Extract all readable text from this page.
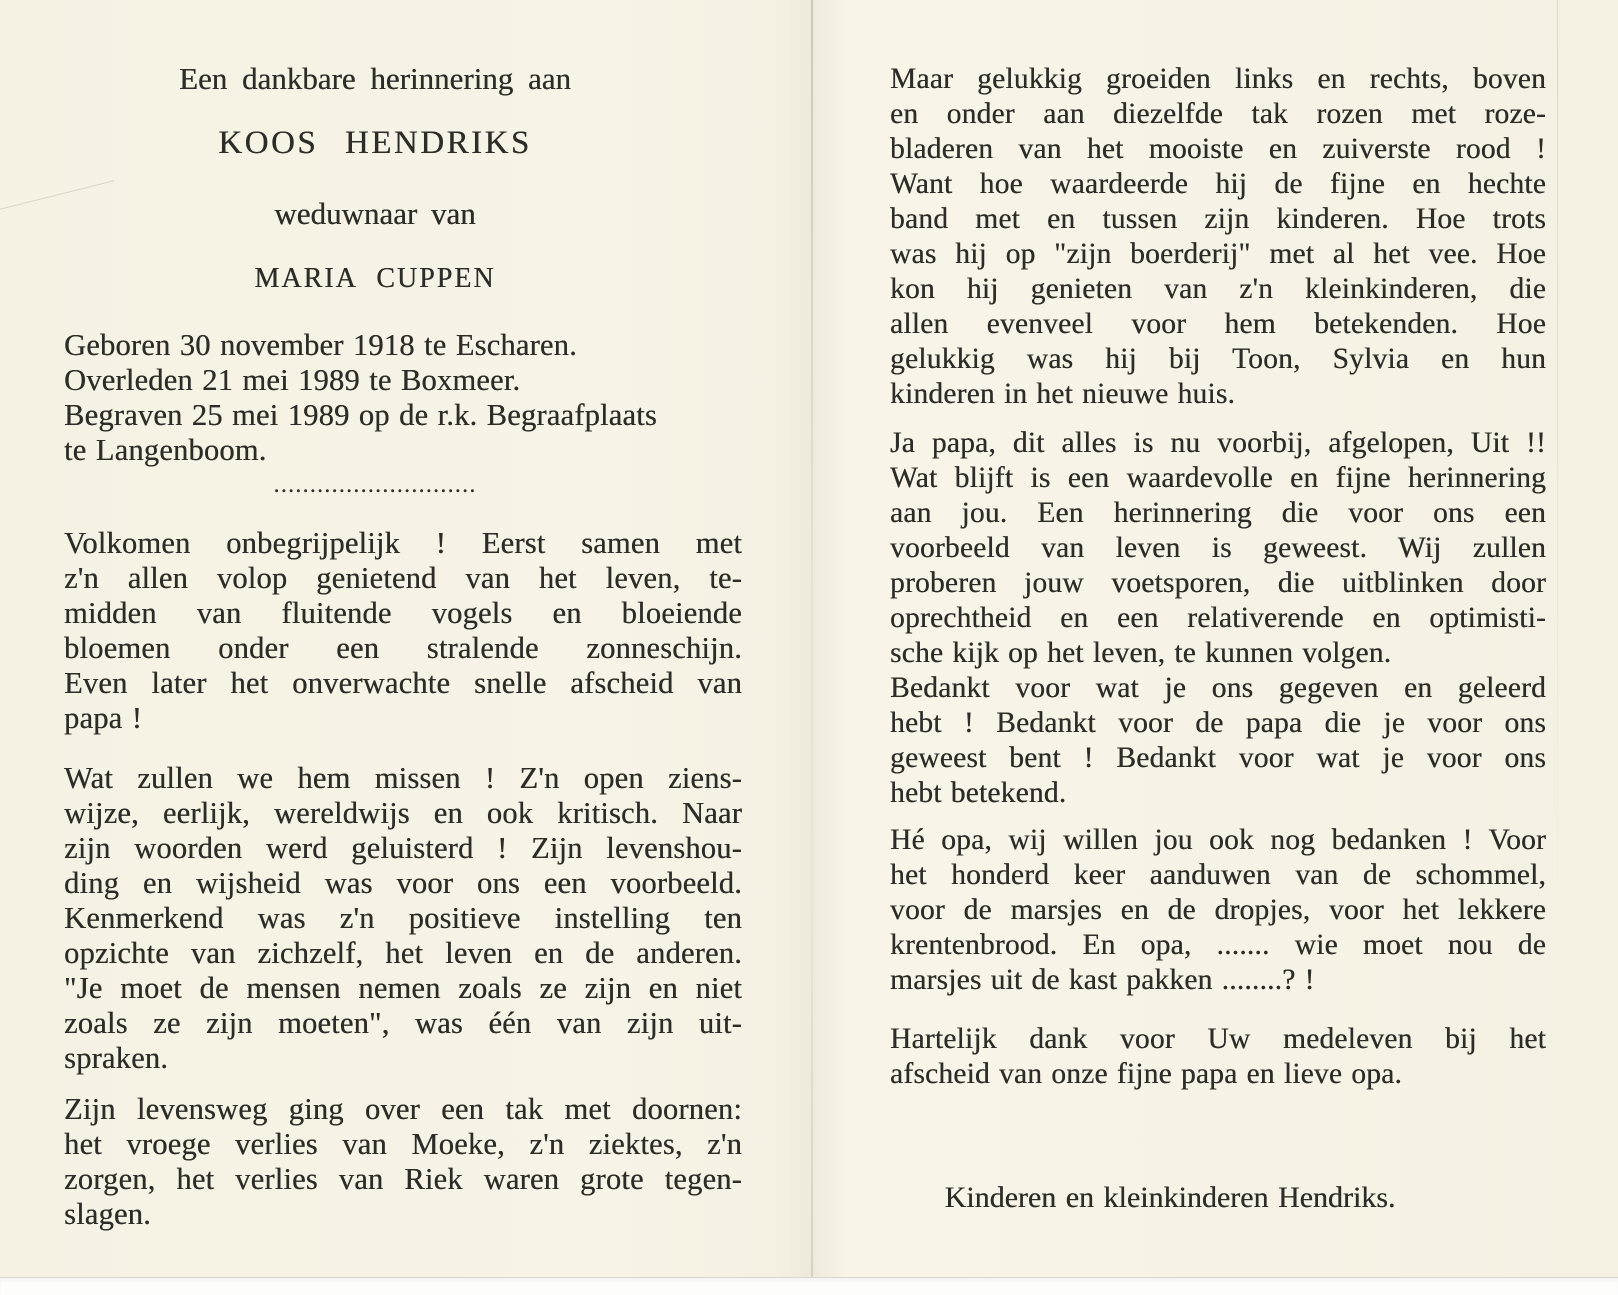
Een dankbare herinnering aan
KOOS HENDRIKS
weduwnaar van
MARIA CUPPEN
Geboren 30 november 1918 te Escharen.
Overleden 21 mei 1989 te Boxmeer.
Begraven 25 mei 1989 op de r.k. Begraafplaats
te Langenboom.
............................
Volkomen onbegrijpelijk ! Eerst samen met
z'n allen volop genietend van het leven, te-
midden van fluitende vogels en bloeiende
bloemen onder een stralende zonneschijn.
Even later het onverwachte snelle afscheid van
papa !
Wat zullen we hem missen ! Z'n open ziens-
wijze, eerlijk, wereldwijs en ook kritisch. Naar
zijn woorden werd geluisterd ! Zijn levenshou-
ding en wijsheid was voor ons een voorbeeld.
Kenmerkend was z'n positieve instelling ten
opzichte van zichzelf, het leven en de anderen.
"Je moet de mensen nemen zoals ze zijn en niet
zoals ze zijn moeten", was één van zijn uit-
spraken.
Zijn levensweg ging over een tak met doornen:
het vroege verlies van Moeke, z'n ziektes, z'n
zorgen, het verlies van Riek waren grote tegen-
slagen.
Maar gelukkig groeiden links en rechts, boven
en onder aan diezelfde tak rozen met roze-
bladeren van het mooiste en zuiverste rood !
Want hoe waardeerde hij de fijne en hechte
band met en tussen zijn kinderen. Hoe trots
was hij op "zijn boerderij" met al het vee. Hoe
kon hij genieten van z'n kleinkinderen, die
allen evenveel voor hem betekenden. Hoe
gelukkig was hij bij Toon, Sylvia en hun
kinderen in het nieuwe huis.
Ja papa, dit alles is nu voorbij, afgelopen, Uit !!
Wat blijft is een waardevolle en fijne herinnering
aan jou. Een herinnering die voor ons een
voorbeeld van leven is geweest. Wij zullen
proberen jouw voetsporen, die uitblinken door
oprechtheid en een relativerende en optimisti-
sche kijk op het leven, te kunnen volgen.
Bedankt voor wat je ons gegeven en geleerd
hebt ! Bedankt voor de papa die je voor ons
geweest bent ! Bedankt voor wat je voor ons
hebt betekend.
Hé opa, wij willen jou ook nog bedanken ! Voor
het honderd keer aanduwen van de schommel,
voor de marsjes en de dropjes, voor het lekkere
krentenbrood. En opa, ....... wie moet nou de
marsjes uit de kast pakken ........? !
Hartelijk dank voor Uw medeleven bij het
afscheid van onze fijne papa en lieve opa.
Kinderen en kleinkinderen Hendriks.
